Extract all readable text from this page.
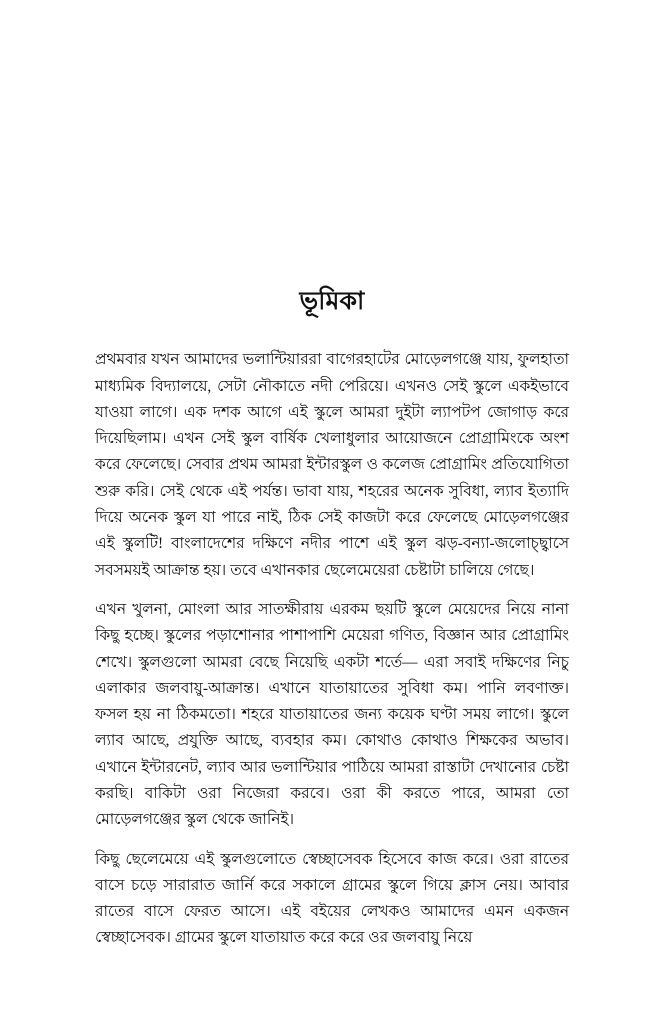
ভূমিকা

প্রথমবার যখন আমাদের ভলান্টিয়াররা বাগেরহাটের মোড়েলগঞ্জে যায়, ফুলহাতা মাধ্যমিক বিদ্যালয়ে, সেটা নৌকাতে নদী পেরিয়ে। এখনও সেই স্কুলে একইভাবে যাওয়া লাগে। এক দশক আগে এই স্কুলে আমরা দুইটা ল্যাপটপ জোগাড় করে দিয়েছিলাম। এখন সেই স্কুল বার্ষিক খেলাধুলার আয়োজনে প্রোগ্রামিংকে অংশ করে ফেলেছে। সেবার প্রথম আমরা ইন্টারস্কুল ও কলেজ প্রোগ্রামিং প্রতিযোগিতা শুরু করি। সেই থেকে এই পর্যন্ত। ভাবা যায়, শহরের অনেক সুবিধা, ল্যাব ইত্যাদি দিয়ে অনেক স্কুল যা পারে নাই, ঠিক সেই কাজটা করে ফেলেছে মোড়েলগঞ্জের এই স্কুলটি! বাংলাদেশের দক্ষিণে নদীর পাশে এই স্কুল ঝড়-বন্যা-জলোচ্ছ্বাসে সবসময়ই আক্রান্ত হয়। তবে এখানকার ছেলেমেয়েরা চেষ্টাটা চালিয়ে গেছে।

এখন খুলনা, মোংলা আর সাতক্ষীরায় এরকম ছয়টি স্কুলে মেয়েদের নিয়ে নানা কিছু হচ্ছে। স্কুলের পড়াশোনার পাশাপাশি মেয়েরা গণিত, বিজ্ঞান আর প্রোগ্রামিং শেখে। স্কুলগুলো আমরা বেছে নিয়েছি একটা শর্তে— এরা সবাই দক্ষিণের নিচু এলাকার জলবায়ু-আক্রান্ত। এখানে যাতায়াতের সুবিধা কম। পানি লবণাক্ত। ফসল হয় না ঠিকমতো। শহরে যাতায়াতের জন্য কয়েক ঘণ্টা সময় লাগে। স্কুলে ল্যাব আছে, প্রযুক্তি আছে, ব্যবহার কম। কোথাও কোথাও শিক্ষকের অভাব। এখানে ইন্টারনেট, ল্যাব আর ভলান্টিয়ার পাঠিয়ে আমরা রাস্তাটা দেখানোর চেষ্টা করছি। বাকিটা ওরা নিজেরা করবে। ওরা কী করতে পারে, আমরা তো মোড়েলগঞ্জের স্কুল থেকে জানিই।

কিছু ছেলেমেয়ে এই স্কুলগুলোতে স্বেচ্ছাসেবক হিসেবে কাজ করে। ওরা রাতের বাসে চড়ে সারারাত জার্নি করে সকালে গ্রামের স্কুলে গিয়ে ক্লাস নেয়। আবার রাতের বাসে ফেরত আসে। এই বইয়ের লেখকও আমাদের এমন একজন স্বেচ্ছাসেবক। গ্রামের স্কুলে যাতায়াত করে করে ওর জলবায়ু নিয়ে
